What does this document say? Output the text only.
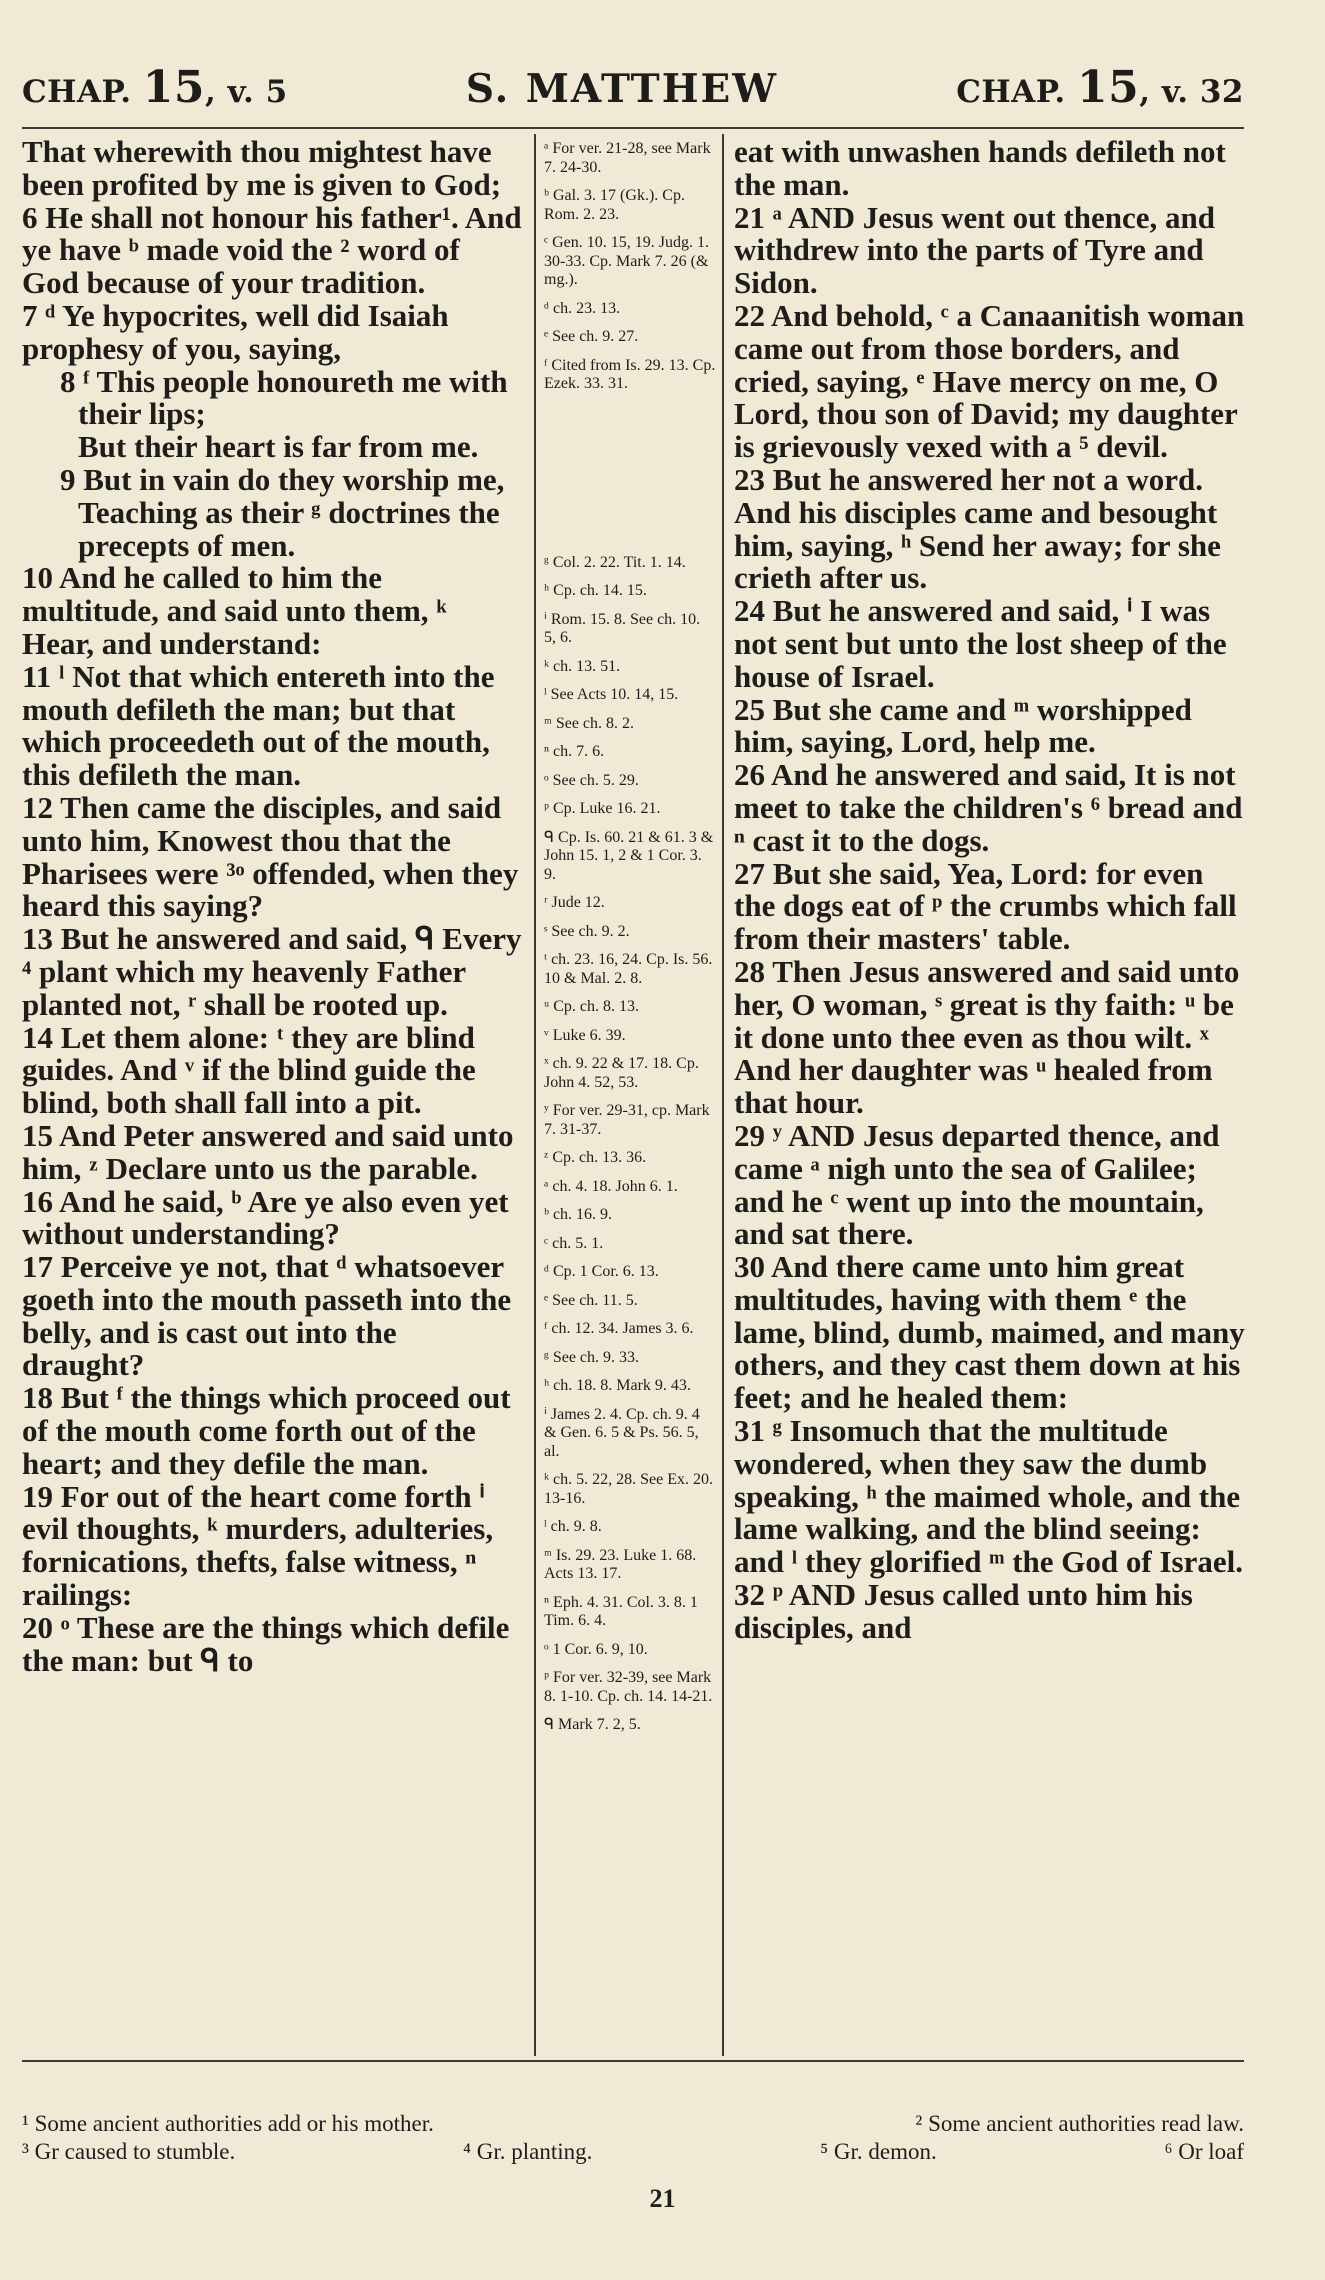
CHAP. 15, v. 5	S. MATTHEW	CHAP. 15, v. 32

That wherewith thou mightest have been profited by me is given to God;

6 He shall not honour his father¹. And ye have ᵇ made void the ² word of God because of your tradition.

7 ᵈ Ye hypocrites, well did Isaiah prophesy of you, saying,

8 ᶠ This people honoureth me with their lips;

But their heart is far from me.

9 But in vain do they worship me,

Teaching as their ᵍ doctrines the precepts of men.

10 And he called to him the multitude, and said unto them, ᵏ Hear, and understand:

11 ˡ Not that which entereth into the mouth defileth the man; but that which proceedeth out of the mouth, this defileth the man.

12 Then came the disciples, and said unto him, Knowest thou that the Pharisees were ³ᵒ offended, when they heard this saying?

13 But he answered and said, ᑫ Every ⁴ plant which my heavenly Father planted not, ʳ shall be rooted up.

14 Let them alone: ᵗ they are blind guides. And ᵛ if the blind guide the blind, both shall fall into a pit.

15 And Peter answered and said unto him, ᶻ Declare unto us the parable.

16 And he said, ᵇ Are ye also even yet without understanding?

17 Perceive ye not, that ᵈ whatsoever goeth into the mouth passeth into the belly, and is cast out into the draught?

18 But ᶠ the things which proceed out of the mouth come forth out of the heart; and they defile the man.

19 For out of the heart come forth ⁱ evil thoughts, ᵏ murders, adulteries, fornications, thefts, false witness, ⁿ railings:

20 ᵒ These are the things which defile the man: but ᑫ to

ᵃ For ver. 21-28, see Mark 7. 24-30.
ᵇ Gal. 3. 17 (Gk.). Cp. Rom. 2. 23.
ᶜ Gen. 10. 15, 19. Judg. 1. 30-33. Cp. Mark 7. 26 (& mg.).
ᵈ ch. 23. 13.
ᵉ See ch. 9. 27.
ᶠ Cited from Is. 29. 13. Cp. Ezek. 33. 31.
ᵍ Col. 2. 22. Tit. 1. 14.
ʰ Cp. ch. 14. 15.
ⁱ Rom. 15. 8. See ch. 10. 5, 6.
ᵏ ch. 13. 51.
ˡ See Acts 10. 14, 15.
ᵐ See ch. 8. 2.
ⁿ ch. 7. 6.
ᵒ See ch. 5. 29.
ᵖ Cp. Luke 16. 21.
ᑫ Cp. Is. 60. 21 & 61. 3 & John 15. 1, 2 & 1 Cor. 3. 9.
ʳ Jude 12.
ˢ See ch. 9. 2.
ᵗ ch. 23. 16, 24. Cp. Is. 56. 10 & Mal. 2. 8.
ᵘ Cp. ch. 8. 13.
ᵛ Luke 6. 39.
ˣ ch. 9. 22 & 17. 18. Cp. John 4. 52, 53.
ʸ For ver. 29-31, cp. Mark 7. 31-37.
ᶻ Cp. ch. 13. 36.
ᵃ ch. 4. 18. John 6. 1.
ᵇ ch. 16. 9.
ᶜ ch. 5. 1.
ᵈ Cp. 1 Cor. 6. 13.
ᵉ See ch. 11. 5.
ᶠ ch. 12. 34. James 3. 6.
ᵍ See ch. 9. 33.
ʰ ch. 18. 8. Mark 9. 43.
ⁱ James 2. 4. Cp. ch. 9. 4 & Gen. 6. 5 & Ps. 56. 5, al.
ᵏ ch. 5. 22, 28. See Ex. 20. 13-16.
ˡ ch. 9. 8.
ᵐ Is. 29. 23. Luke 1. 68. Acts 13. 17.
ⁿ Eph. 4. 31. Col. 3. 8. 1 Tim. 6. 4.
ᵒ 1 Cor. 6. 9, 10.
ᵖ For ver. 32-39, see Mark 8. 1-10. Cp. ch. 14. 14-21.
ᑫ Mark 7. 2, 5.

eat with unwashen hands defileth not the man.

21 ᵃ AND Jesus went out thence, and withdrew into the parts of Tyre and Sidon.

22 And behold, ᶜ a Canaanitish woman came out from those borders, and cried, saying, ᵉ Have mercy on me, O Lord, thou son of David; my daughter is grievously vexed with a ⁵ devil.

23 But he answered her not a word. And his disciples came and besought him, saying, ʰ Send her away; for she crieth after us.

24 But he answered and said, ⁱ I was not sent but unto the lost sheep of the house of Israel.

25 But she came and ᵐ worshipped him, saying, Lord, help me.

26 And he answered and said, It is not meet to take the children's ⁶ bread and ⁿ cast it to the dogs.

27 But she said, Yea, Lord: for even the dogs eat of ᵖ the crumbs which fall from their masters' table.

28 Then Jesus answered and said unto her, O woman, ˢ great is thy faith: ᵘ be it done unto thee even as thou wilt. ˣ And her daughter was ᵘ healed from that hour.

29 ʸ AND Jesus departed thence, and came ᵃ nigh unto the sea of Galilee; and he ᶜ went up into the mountain, and sat there.

30 And there came unto him great multitudes, having with them ᵉ the lame, blind, dumb, maimed, and many others, and they cast them down at his feet; and he healed them:

31 ᵍ Insomuch that the multitude wondered, when they saw the dumb speaking, ʰ the maimed whole, and the lame walking, and the blind seeing: and ˡ they glorified ᵐ the God of Israel.

32 ᵖ AND Jesus called unto him his disciples, and

¹ Some ancient authorities add or his mother.	² Some ancient authorities read law.
³ Gr caused to stumble.	⁴ Gr. planting.	⁵ Gr. demon.	⁶ Or loaf
21
